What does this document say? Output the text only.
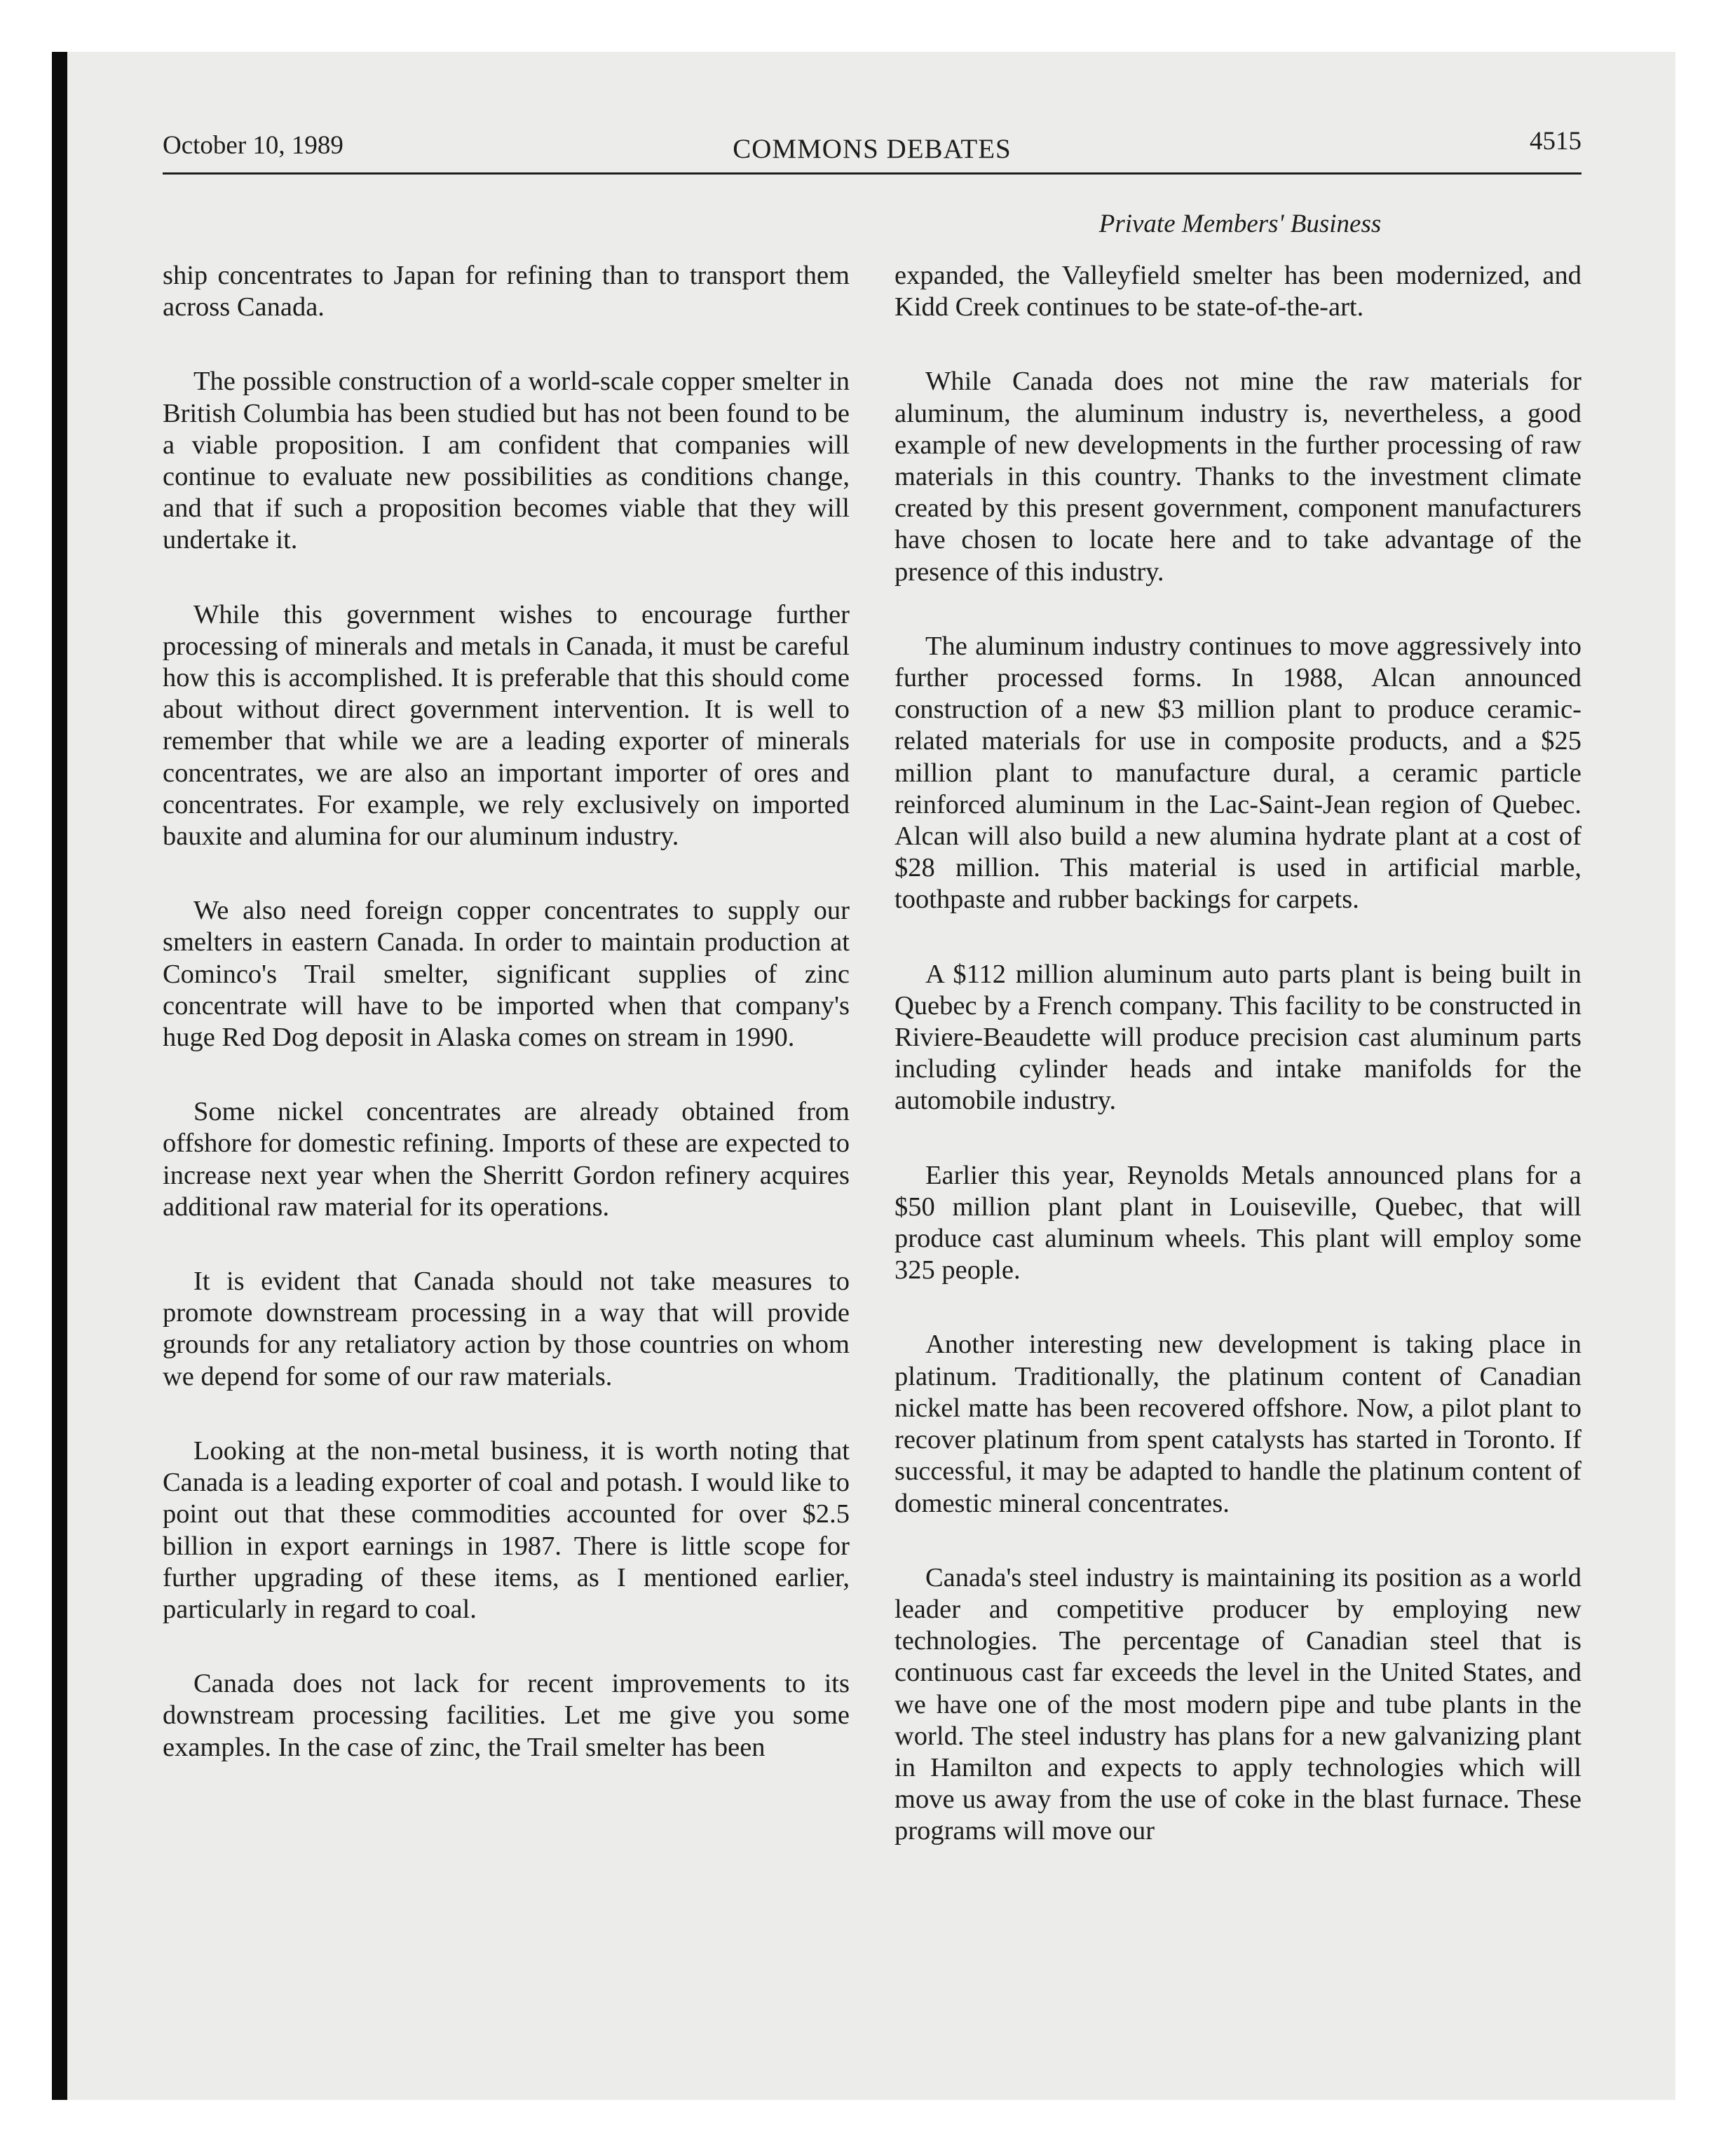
October 10, 1989	COMMONS DEBATES	4515
Private Members' Business

ship concentrates to Japan for refining than to transport them across Canada.

The possible construction of a world-scale copper smelter in British Columbia has been studied but has not been found to be a viable proposition. I am confident that companies will continue to evaluate new possibilities as conditions change, and that if such a proposition becomes viable that they will undertake it.

While this government wishes to encourage further processing of minerals and metals in Canada, it must be careful how this is accomplished. It is preferable that this should come about without direct government intervention. It is well to remember that while we are a leading exporter of minerals concentrates, we are also an important importer of ores and concentrates. For example, we rely exclusively on imported bauxite and alumina for our aluminum industry.

We also need foreign copper concentrates to supply our smelters in eastern Canada. In order to maintain production at Cominco's Trail smelter, significant supplies of zinc concentrate will have to be imported when that company's huge Red Dog deposit in Alaska comes on stream in 1990.

Some nickel concentrates are already obtained from offshore for domestic refining. Imports of these are expected to increase next year when the Sherritt Gordon refinery acquires additional raw material for its operations.

It is evident that Canada should not take measures to promote downstream processing in a way that will provide grounds for any retaliatory action by those countries on whom we depend for some of our raw materials.

Looking at the non-metal business, it is worth noting that Canada is a leading exporter of coal and potash. I would like to point out that these commodities accounted for over $2.5 billion in export earnings in 1987. There is little scope for further upgrading of these items, as I mentioned earlier, particularly in regard to coal.

Canada does not lack for recent improvements to its downstream processing facilities. Let me give you some examples. In the case of zinc, the Trail smelter has been

expanded, the Valleyfield smelter has been modernized, and Kidd Creek continues to be state-of-the-art.

While Canada does not mine the raw materials for aluminum, the aluminum industry is, nevertheless, a good example of new developments in the further processing of raw materials in this country. Thanks to the investment climate created by this present government, component manufacturers have chosen to locate here and to take advantage of the presence of this industry.

The aluminum industry continues to move aggressively into further processed forms. In 1988, Alcan announced construction of a new $3 million plant to produce ceramic-related materials for use in composite products, and a $25 million plant to manufacture dural, a ceramic particle reinforced aluminum in the Lac-Saint-Jean region of Quebec. Alcan will also build a new alumina hydrate plant at a cost of $28 million. This material is used in artificial marble, toothpaste and rubber backings for carpets.

A $112 million aluminum auto parts plant is being built in Quebec by a French company. This facility to be constructed in Riviere-Beaudette will produce precision cast aluminum parts including cylinder heads and intake manifolds for the automobile industry.

Earlier this year, Reynolds Metals announced plans for a $50 million plant plant in Louiseville, Quebec, that will produce cast aluminum wheels. This plant will employ some 325 people.

Another interesting new development is taking place in platinum. Traditionally, the platinum content of Canadian nickel matte has been recovered offshore. Now, a pilot plant to recover platinum from spent catalysts has started in Toronto. If successful, it may be adapted to handle the platinum content of domestic mineral concentrates.

Canada's steel industry is maintaining its position as a world leader and competitive producer by employing new technologies. The percentage of Canadian steel that is continuous cast far exceeds the level in the United States, and we have one of the most modern pipe and tube plants in the world. The steel industry has plans for a new galvanizing plant in Hamilton and expects to apply technologies which will move us away from the use of coke in the blast furnace. These programs will move our
